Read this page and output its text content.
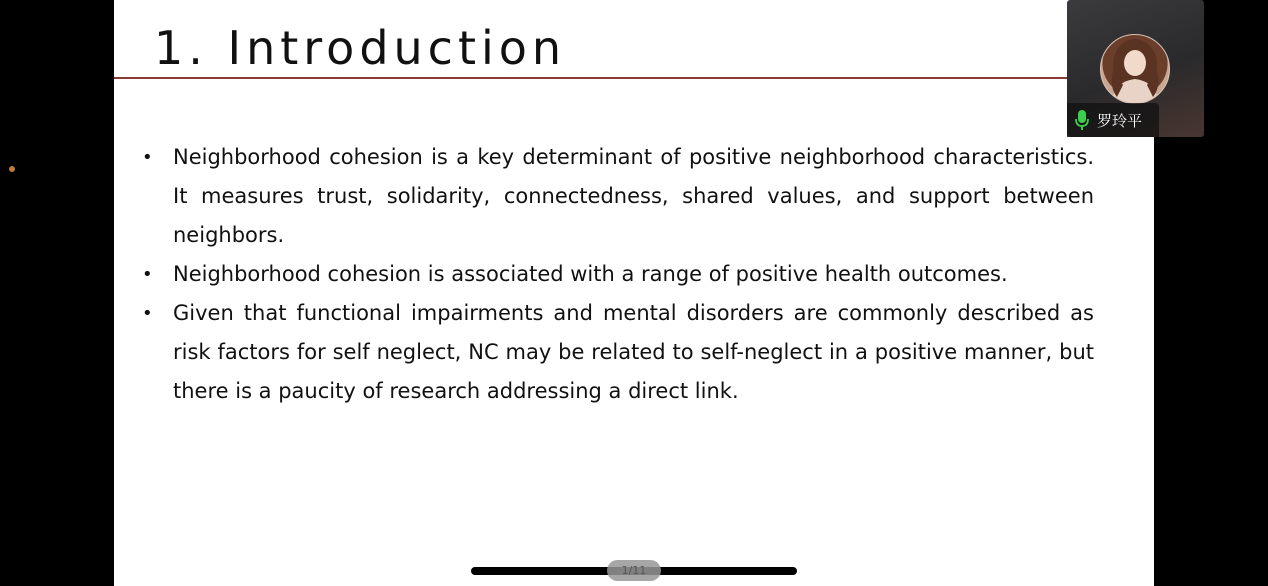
1. Introduction
• Neighborhood cohesion is a key determinant of positive neighborhood characteristics. It measures trust, solidarity, connectedness, shared values, and support between neighbors.
• Neighborhood cohesion is associated with a range of positive health outcomes.
• Given that functional impairments and mental disorders are commonly described as risk factors for self neglect, NC may be related to self-neglect in a positive manner, but there is a paucity of research addressing a direct link.
罗玲平
1/11
